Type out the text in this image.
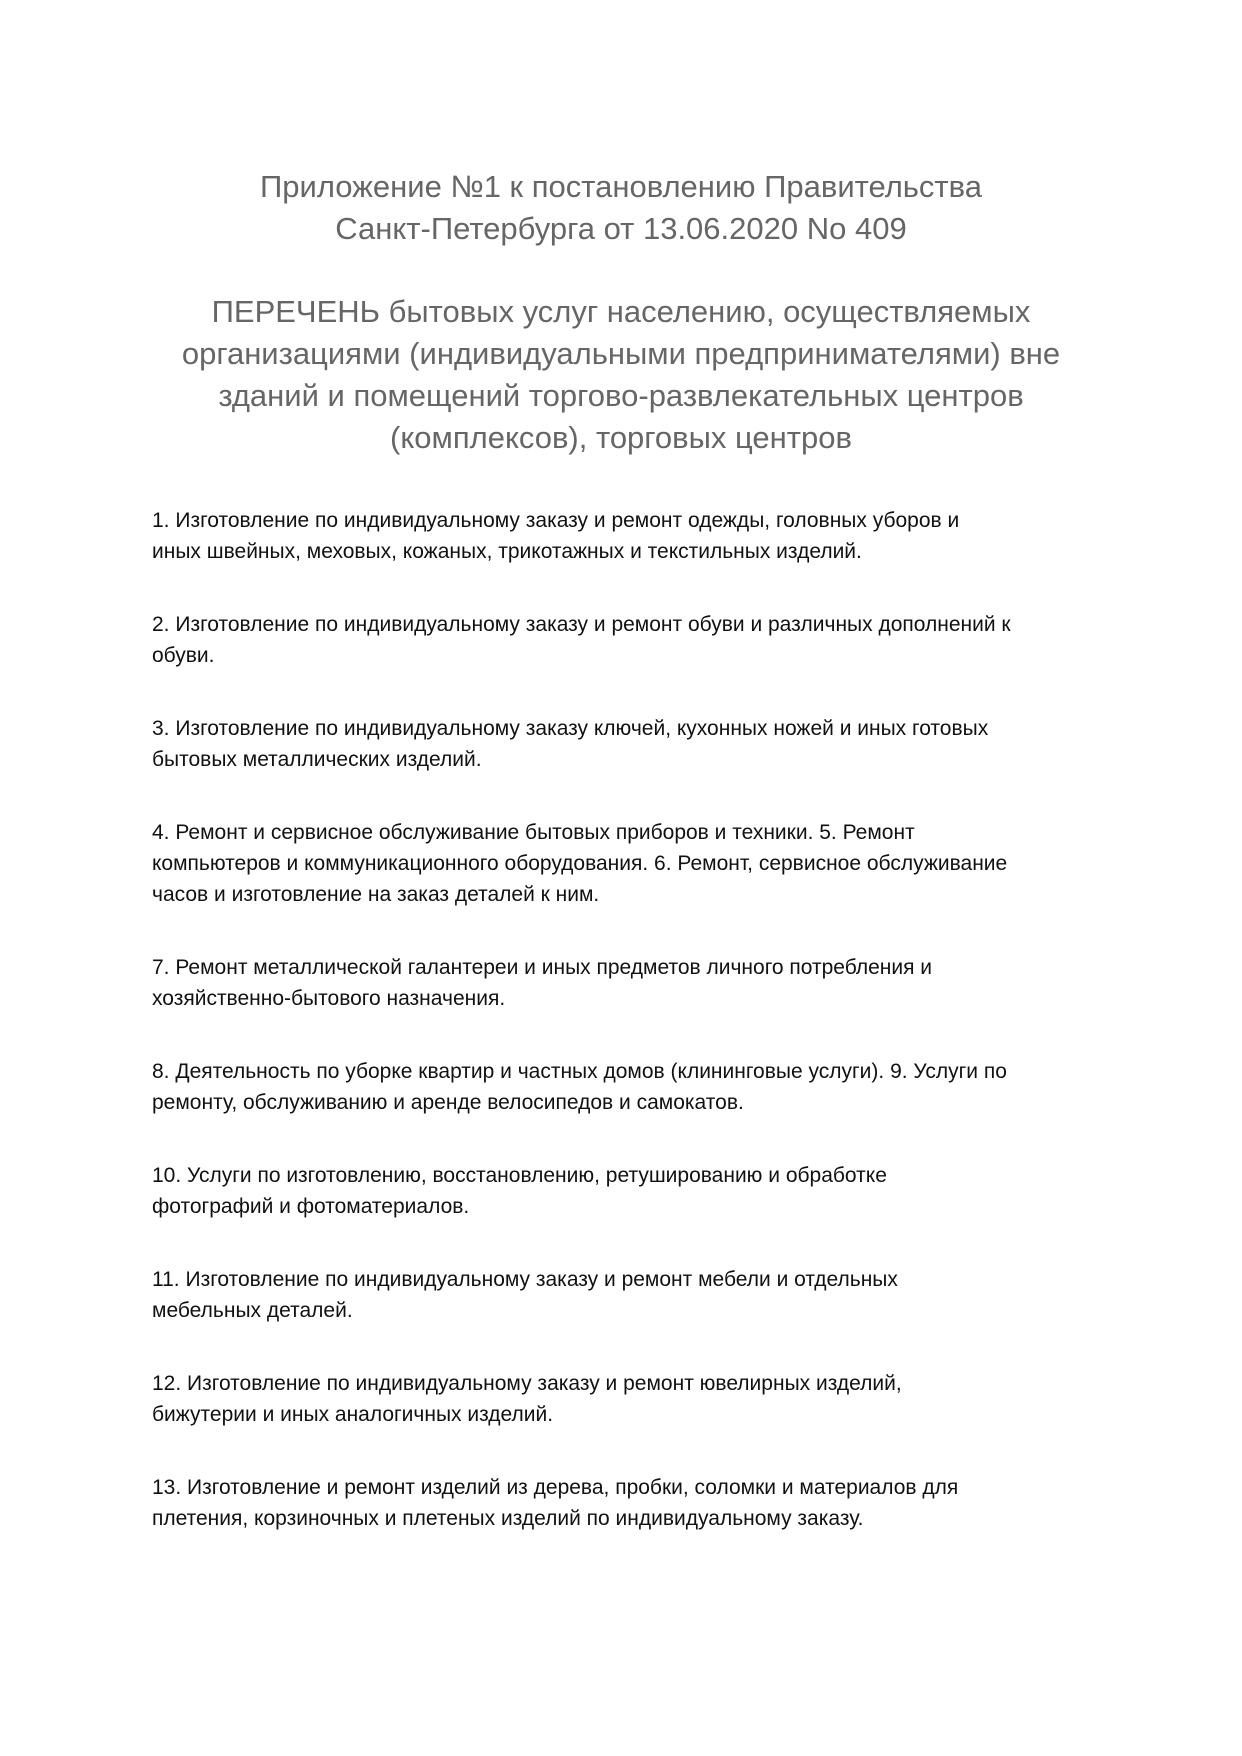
Приложение №1 к постановлению Правительства
Санкт-Петербурга от 13.06.2020 No 409
ПЕРЕЧЕНЬ бытовых услуг населению, осуществляемых
организациями (индивидуальными предпринимателями) вне
зданий и помещений торгово-развлекательных центров
(комплексов), торговых центров

1. Изготовление по индивидуальному заказу и ремонт одежды, головных уборов и
иных швейных, меховых, кожаных, трикотажных и текстильных изделий.

2. Изготовление по индивидуальному заказу и ремонт обуви и различных дополнений к
обуви.

3. Изготовление по индивидуальному заказу ключей, кухонных ножей и иных готовых
бытовых металлических изделий.

4. Ремонт и сервисное обслуживание бытовых приборов и техники. 5. Ремонт
компьютеров и коммуникационного оборудования. 6. Ремонт, сервисное обслуживание
часов и изготовление на заказ деталей к ним.

7. Ремонт металлической галантереи и иных предметов личного потребления и
хозяйственно-бытового назначения.

8. Деятельность по уборке квартир и частных домов (клининговые услуги). 9. Услуги по
ремонту, обслуживанию и аренде велосипедов и самокатов.

10. Услуги по изготовлению, восстановлению, ретушированию и обработке
фотографий и фотоматериалов.

11. Изготовление по индивидуальному заказу и ремонт мебели и отдельных
мебельных деталей.

12. Изготовление по индивидуальному заказу и ремонт ювелирных изделий,
бижутерии и иных аналогичных изделий.

13. Изготовление и ремонт изделий из дерева, пробки, соломки и материалов для
плетения, корзиночных и плетеных изделий по индивидуальному заказу.
